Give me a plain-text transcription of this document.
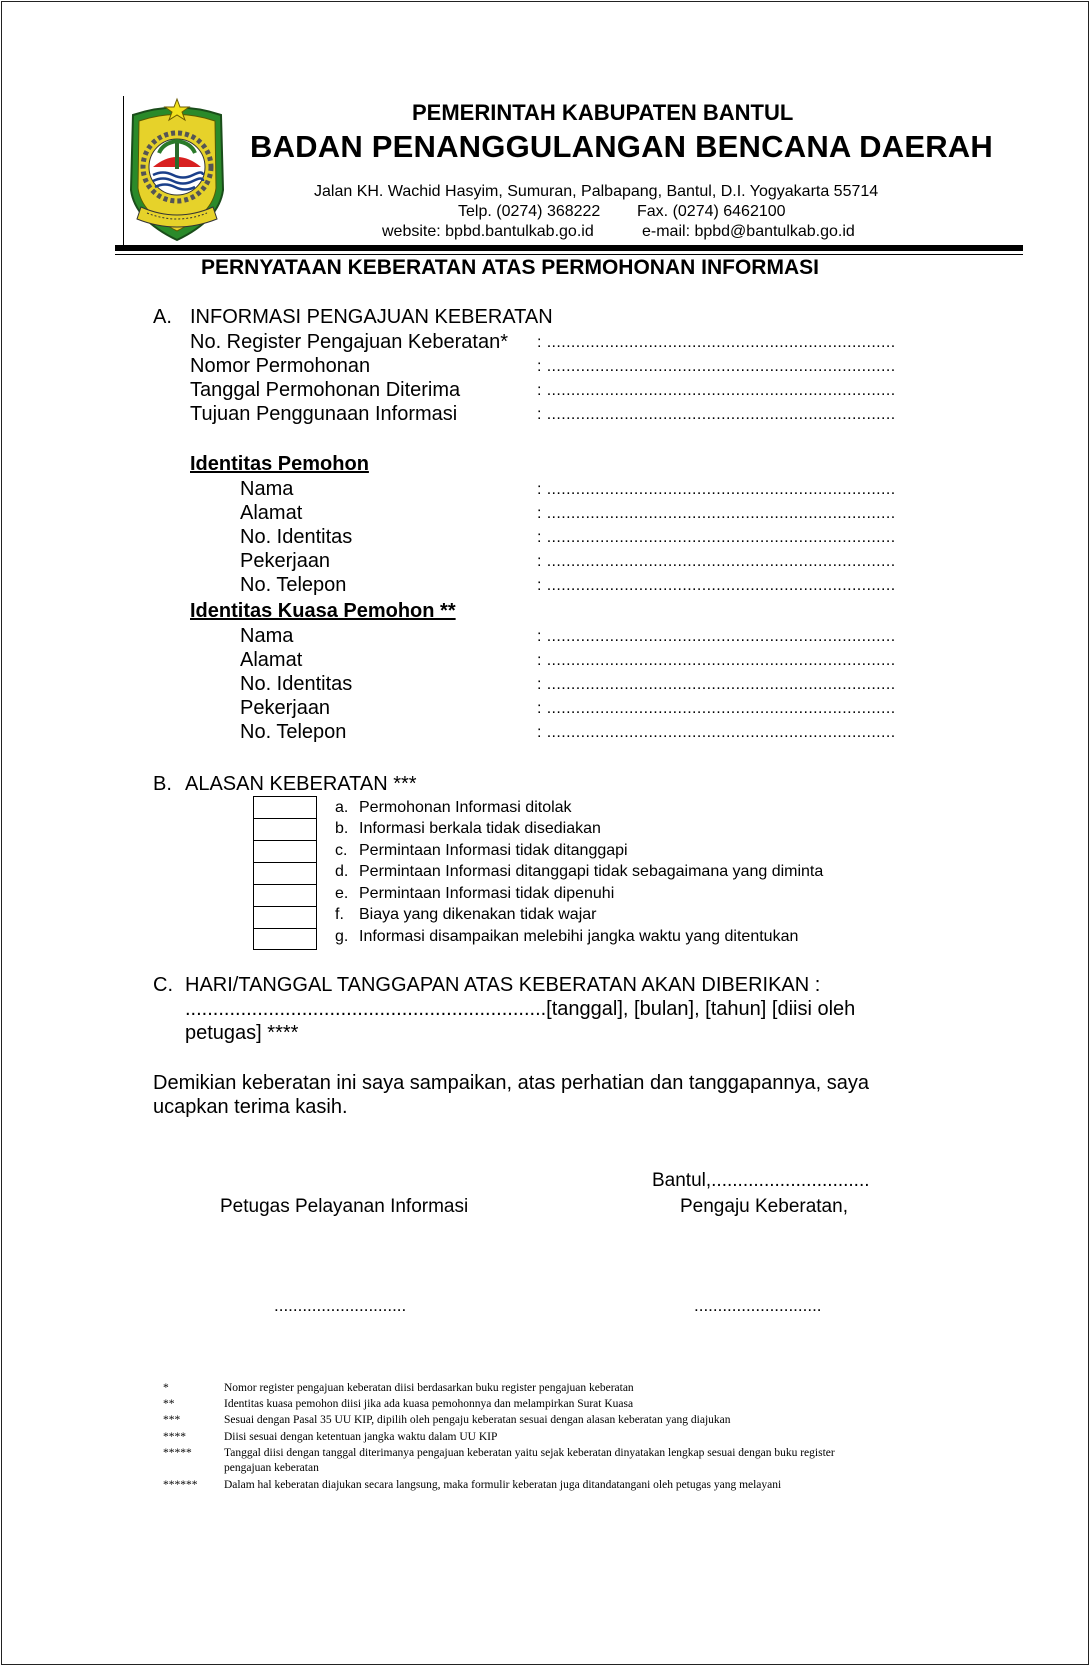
PEMERINTAH KABUPATEN BANTUL
BADAN PENANGGULANGAN BENCANA DAERAH
Jalan KH. Wachid Hasyim, Sumuran, Palbapang, Bantul, D.I. Yogyakarta 55714
Telp. (0274) 368222 Fax. (0274) 6462100
website: bpbd.bantulkab.go.id	e-mail: bpbd@bantulkab.go.id
PERNYATAAN KEBERATAN ATAS PERMOHONAN INFORMASI
A. INFORMASI PENGAJUAN KEBERATAN
No. Register Pengajuan Keberatan* : ........................................................................
Nomor Permohonan	: ........................................................................
Tanggal Permohonan Diterima	: ........................................................................
Tujuan Penggunaan Informasi	: ........................................................................
Identitas Pemohon
Nama	: ........................................................................
Alamat	: ........................................................................
No. Identitas	: ........................................................................
Pekerjaan	: ........................................................................
No. Telepon	: ........................................................................
Identitas Kuasa Pemohon **
Nama	: ........................................................................
Alamat	: ........................................................................
No. Identitas	: ........................................................................
Pekerjaan	: ........................................................................
No. Telepon	: ........................................................................
B. ALASAN KEBERATAN ***
a. Permohonan Informasi ditolak
b. Informasi berkala tidak disediakan
c. Permintaan Informasi tidak ditanggapi
d. Permintaan Informasi ditanggapi tidak sebagaimana yang diminta
e. Permintaan Informasi tidak dipenuhi
f. Biaya yang dikenakan tidak wajar
g. Informasi disampaikan melebihi jangka waktu yang ditentukan
C. HARI/TANGGAL TANGGAPAN ATAS KEBERATAN AKAN DIBERIKAN :
.................................................................[tanggal], [bulan], [tahun] [diisi oleh
petugas] ****
Demikian keberatan ini saya sampaikan, atas perhatian dan tanggapannya, saya
ucapkan terima kasih.
Bantul,..............................
Petugas Pelayanan Informasi	Pengaju Keberatan,
............................	...........................
*	Nomor register pengajuan keberatan diisi berdasarkan buku register pengajuan keberatan
**	Identitas kuasa pemohon diisi jika ada kuasa pemohonnya dan melampirkan Surat Kuasa
***	Sesuai dengan Pasal 35 UU KIP, dipilih oleh pengaju keberatan sesuai dengan alasan keberatan yang diajukan
****	Diisi sesuai dengan ketentuan jangka waktu dalam UU KIP
*****	Tanggal diisi dengan tanggal diterimanya pengajuan keberatan yaitu sejak keberatan dinyatakan lengkap sesuai dengan buku register
pengajuan keberatan
****** Dalam hal keberatan diajukan secara langsung, maka formulir keberatan juga ditandatangani oleh petugas yang melayani
